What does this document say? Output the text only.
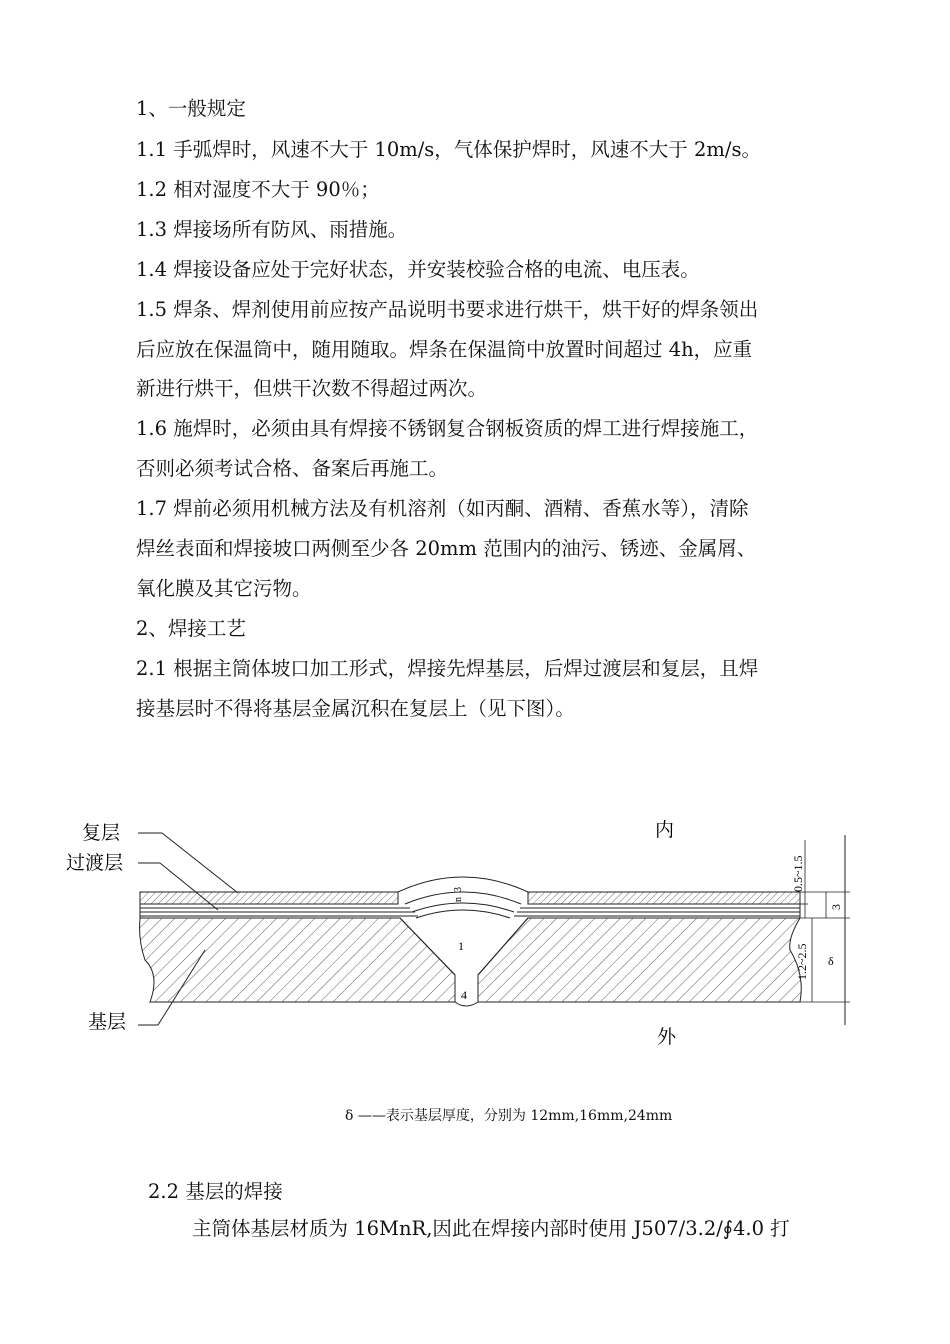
1、一般规定
1.1 手弧焊时，风速不大于 10m/s，气体保护焊时，风速不大于 2m/s。
1.2 相对湿度不大于 90％；
1.3 焊接场所有防风、雨措施。
1.4 焊接设备应处于完好状态，并安装校验合格的电流、电压表。
1.5 焊条、焊剂使用前应按产品说明书要求进行烘干，烘干好的焊条领出
后应放在保温筒中，随用随取。焊条在保温筒中放置时间超过 4h，应重
新进行烘干，但烘干次数不得超过两次。
1.6 施焊时，必须由具有焊接不锈钢复合钢板资质的焊工进行焊接施工，
否则必须考试合格、备案后再施工。
1.7 焊前必须用机械方法及有机溶剂（如丙酮、酒精、香蕉水等），清除
焊丝表面和焊接坡口两侧至少各 20mm 范围内的油污、锈迹、金属屑、
氧化膜及其它污物。
2、焊接工艺
2.1 根据主筒体坡口加工形式，焊接先焊基层，后焊过渡层和复层，且焊
接基层时不得将基层金属沉积在复层上（见下图）。
1
4
n
3
复层
过渡层
基层
内
外
0.5~1.5
3
1.2~2.5 δ
δ ——表示基层厚度，分别为 12mm,16mm,24mm
2.2 基层的焊接
主筒体基层材质为 16MnR,因此在焊接内部时使用 J507/3.2/∮4.0 打
